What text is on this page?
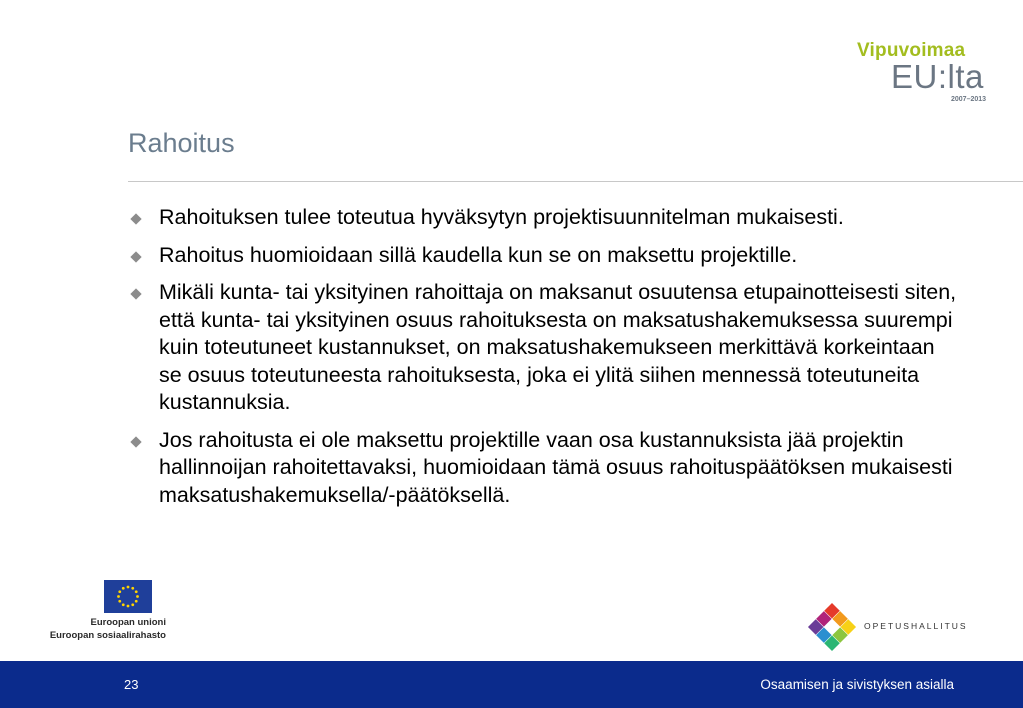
Vipuvoimaa
EU:lta
2007–2013
Rahoitus
Rahoituksen tulee toteutua hyväksytyn projektisuunnitelman mukaisesti.
Rahoitus huomioidaan sillä kaudella kun se on maksettu projektille.
Mikäli kunta- tai yksityinen rahoittaja on maksanut osuutensa etupainotteisesti siten, että kunta- tai yksityinen osuus rahoituksesta on maksatushakemuksessa suurempi kuin toteutuneet kustannukset, on maksatushakemukseen merkittävä korkeintaan se osuus toteutuneesta rahoituksesta, joka ei ylitä siihen mennessä toteutuneita kustannuksia.
Jos rahoitusta ei ole maksettu projektille vaan osa kustannuksista jää projektin hallinnoijan rahoitettavaksi, huomioidaan tämä osuus rahoituspäätöksen mukaisesti maksatushakemuksella/-päätöksellä.
Euroopan unioni
Euroopan sosiaalirahasto
OPETUSHALLITUS
23	Osaamisen ja sivistyksen asialla
